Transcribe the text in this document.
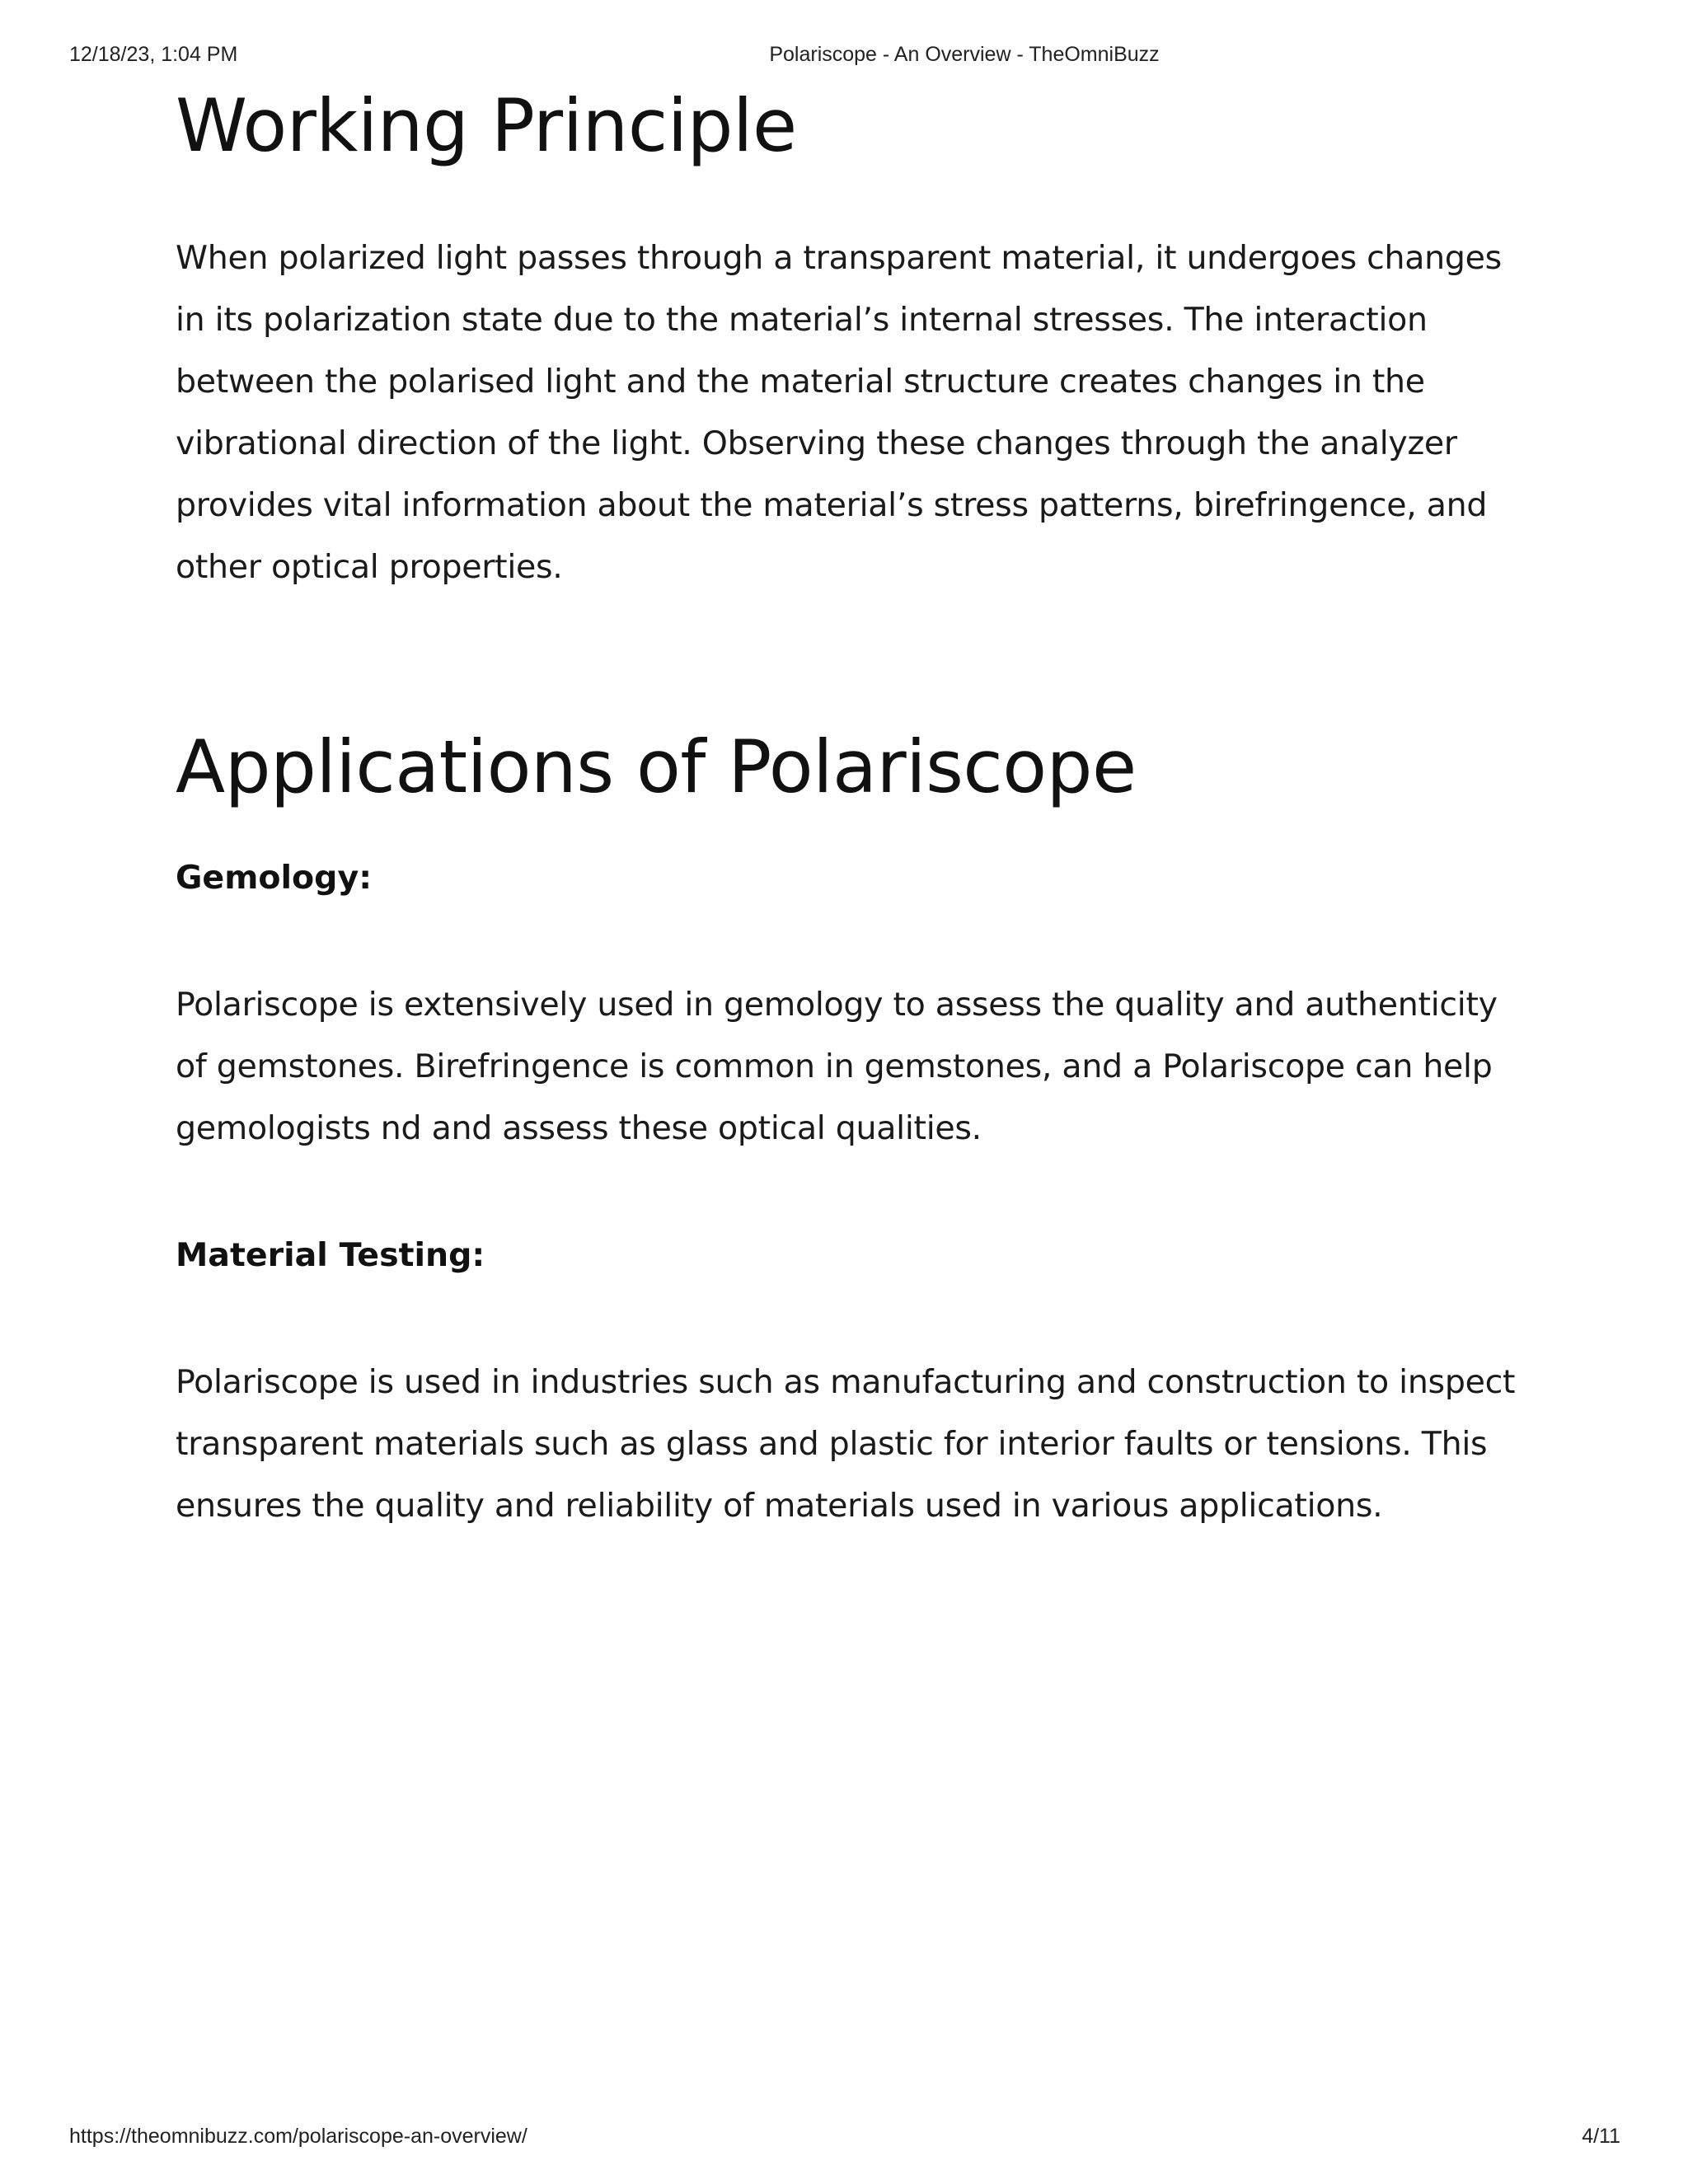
12/18/23, 1:04 PM	Polariscope - An Overview - TheOmniBuzz
Working Principle

When polarized light passes through a transparent material, it undergoes changes in its polarization state due to the material’s internal stresses. The interaction between the polarised light and the material structure creates changes in the vibrational direction of the light. Observing these changes through the analyzer provides vital information about the material’s stress patterns, birefringence, and other optical properties.

Applications of Polariscope

Gemology:

Polariscope is extensively used in gemology to assess the quality and authenticity of gemstones. Birefringence is common in gemstones, and a Polariscope can help gemologists nd and assess these optical qualities.

Material Testing:

Polariscope is used in industries such as manufacturing and construction to inspect transparent materials such as glass and plastic for interior faults or tensions. This ensures the quality and reliability of materials used in various applications.

https://theomnibuzz.com/polariscope-an-overview/	4/11
